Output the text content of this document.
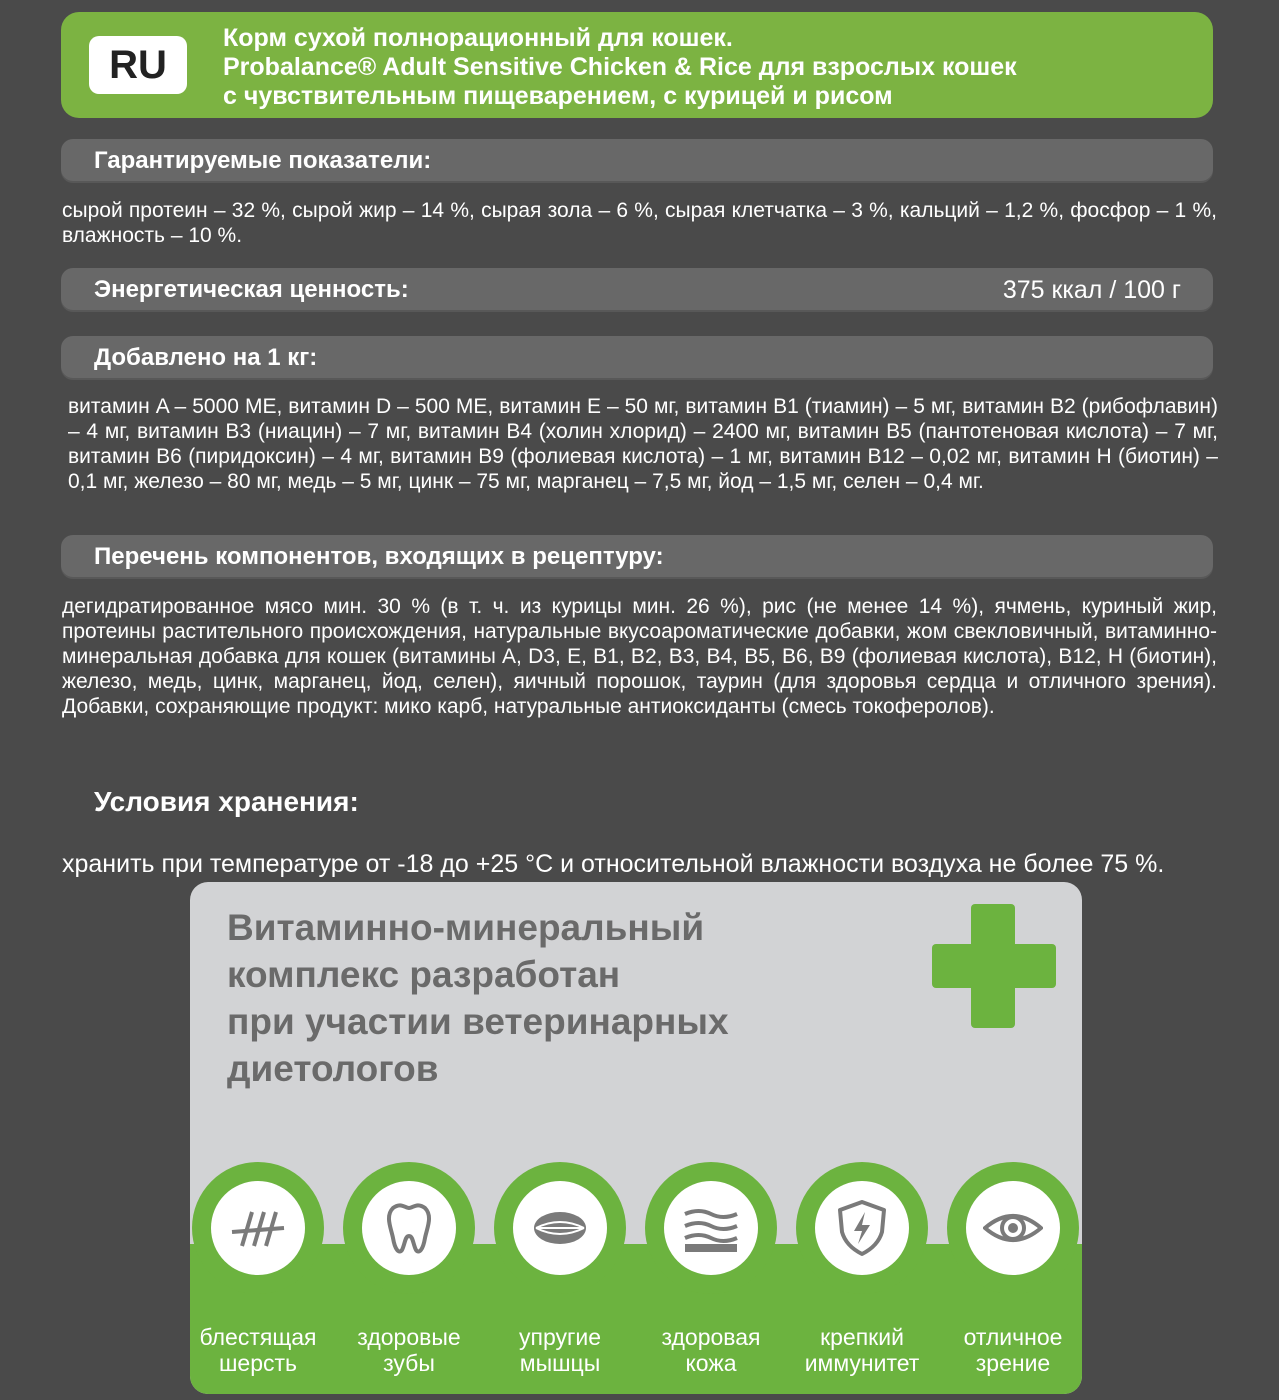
RU
Корм сухой полнорационный для кошек.
Probalance® Adult Sensitive Chicken & Rice для взрослых кошек
с чувствительным пищеварением, с курицей и рисом
Гарантируемые показатели:
сырой протеин – 32 %, сырой жир – 14 %, сырая зола – 6 %, сырая клетчатка – 3 %, кальций – 1,2 %, фосфор – 1 %, влажность – 10 %.
Энергетическая ценность:	375 ккал / 100 г
Добавлено на 1 кг:
витамин A – 5000 МЕ, витамин D – 500 МЕ, витамин E – 50 мг, витамин B1 (тиамин) – 5 мг, витамин B2 (рибофлавин) – 4 мг, витамин B3 (ниацин) – 7 мг, витамин B4 (холин хлорид) – 2400 мг, витамин B5 (пантотеновая кислота) – 7 мг, витамин B6 (пиридоксин) – 4 мг, витамин B9 (фолиевая кислота) – 1 мг, витамин B12 – 0,02 мг, витамин H (биотин) – 0,1 мг, железо – 80 мг, медь – 5 мг, цинк – 75 мг, марганец – 7,5 мг, йод – 1,5 мг, селен – 0,4 мг.
Перечень компонентов, входящих в рецептуру:
дегидратированное мясо мин. 30 % (в т. ч. из курицы мин. 26 %), рис (не менее 14 %), ячмень, куриный жир, протеины растительного происхождения, натуральные вкусоароматические добавки, жом свекловичный, витаминно-минеральная добавка для кошек (витамины A, D3, E, B1, B2, B3, B4, B5, B6, B9 (фолиевая кислота), B12, H (биотин), железо, медь, цинк, марганец, йод, селен), яичный порошок, таурин (для здоровья сердца и отличного зрения). Добавки, сохраняющие продукт: мико карб, натуральные антиоксиданты (смесь токоферолов).
Условия хранения:
хранить при температуре от -18 до +25 °C и относительной влажности воздуха не более 75 %.
Витаминно-минеральный
комплекс разработан
при участии ветеринарных
диетологов
блестящая
шерсть
здоровые
зубы
упругие
мышцы
здоровая
кожа
крепкий
иммунитет
отличное
зрение
